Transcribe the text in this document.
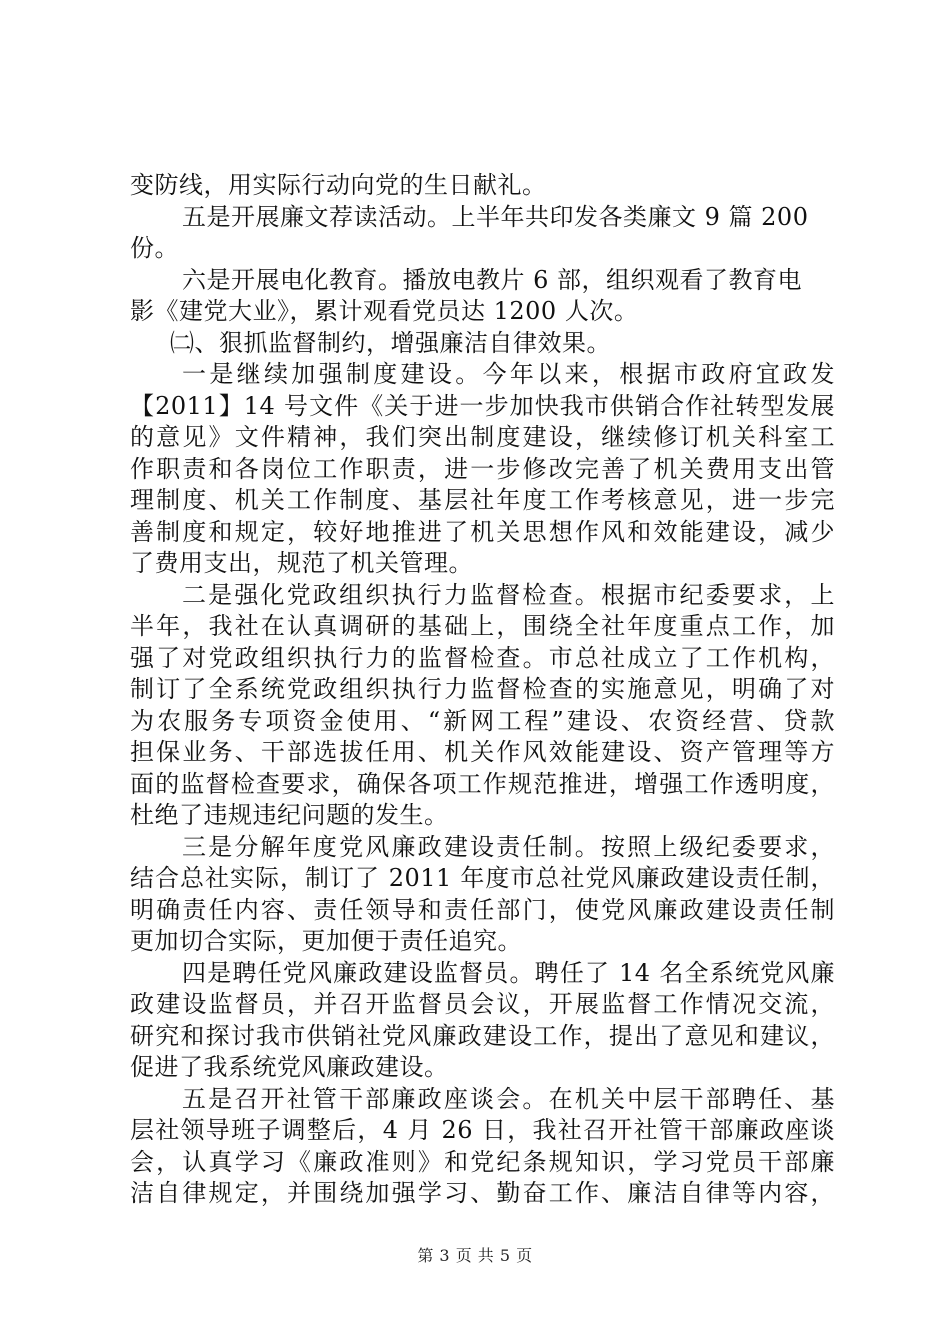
变防线，用实际行动向党的生日献礼。
五是开展廉文荐读活动。上半年共印发各类廉文 9 篇 200
份。
六是开展电化教育。播放电教片 6 部，组织观看了教育电
影《建党大业》，累计观看党员达 1200 人次。
㈡、狠抓监督制约，增强廉洁自律效果。
一是继续加强制度建设。今年以来，根据市政府宜政发
【2011】14 号文件《关于进一步加快我市供销合作社转型发展
的意见》文件精神，我们突出制度建设，继续修订机关科室工
作职责和各岗位工作职责，进一步修改完善了机关费用支出管
理制度、机关工作制度、基层社年度工作考核意见，进一步完
善制度和规定，较好地推进了机关思想作风和效能建设，减少
了费用支出，规范了机关管理。
二是强化党政组织执行力监督检查。根据市纪委要求，上
半年，我社在认真调研的基础上，围绕全社年度重点工作，加
强了对党政组织执行力的监督检查。市总社成立了工作机构，
制订了全系统党政组织执行力监督检查的实施意见，明确了对
为农服务专项资金使用、“新网工程”建设、农资经营、贷款
担保业务、干部选拔任用、机关作风效能建设、资产管理等方
面的监督检查要求，确保各项工作规范推进，增强工作透明度，
杜绝了违规违纪问题的发生。
三是分解年度党风廉政建设责任制。按照上级纪委要求，
结合总社实际，制订了 2011 年度市总社党风廉政建设责任制，
明确责任内容、责任领导和责任部门，使党风廉政建设责任制
更加切合实际，更加便于责任追究。
四是聘任党风廉政建设监督员。聘任了 14 名全系统党风廉
政建设监督员，并召开监督员会议，开展监督工作情况交流，
研究和探讨我市供销社党风廉政建设工作，提出了意见和建议，
促进了我系统党风廉政建设。
五是召开社管干部廉政座谈会。在机关中层干部聘任、基
层社领导班子调整后，4 月 26 日，我社召开社管干部廉政座谈
会，认真学习《廉政准则》和党纪条规知识，学习党员干部廉
洁自律规定，并围绕加强学习、勤奋工作、廉洁自律等内容，
第 3 页 共 5 页
